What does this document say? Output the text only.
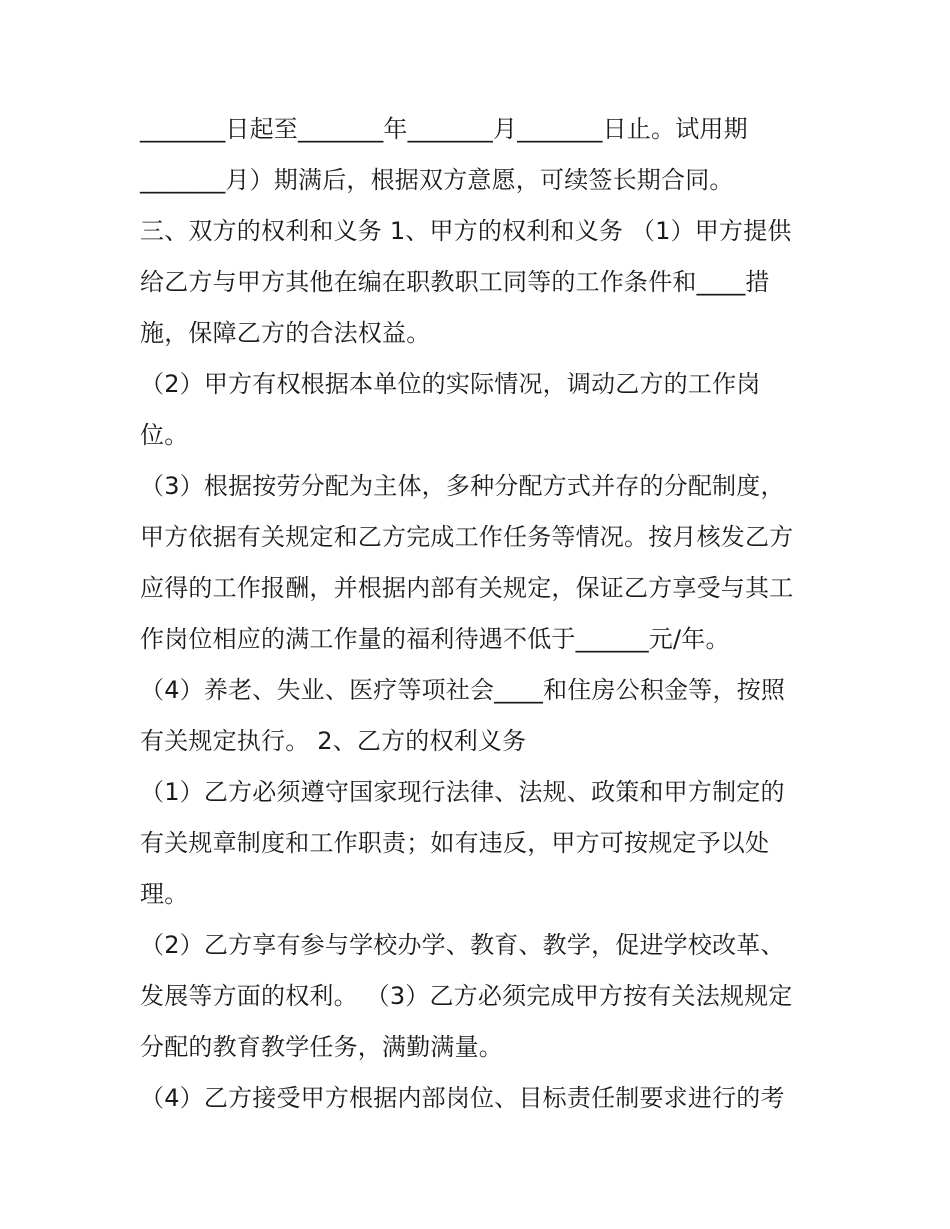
_______日起至_______年_______月_______日止。试用期
_______月）期满后，根据双方意愿，可续签长期合同。
三、双方的权利和义务 1、甲方的权利和义务 （1）甲方提供
给乙方与甲方其他在编在职教职工同等的工作条件和____措
施，保障乙方的合法权益。
（2）甲方有权根据本单位的实际情况，调动乙方的工作岗
位。
（3）根据按劳分配为主体，多种分配方式并存的分配制度，
甲方依据有关规定和乙方完成工作任务等情况。按月核发乙方
应得的工作报酬，并根据内部有关规定，保证乙方享受与其工
作岗位相应的满工作量的福利待遇不低于______元/年。
（4）养老、失业、医疗等项社会____和住房公积金等，按照
有关规定执行。 2、乙方的权利义务
（1）乙方必须遵守国家现行法律、法规、政策和甲方制定的
有关规章制度和工作职责；如有违反，甲方可按规定予以处
理。
（2）乙方享有参与学校办学、教育、教学，促进学校改革、
发展等方面的权利。 （3）乙方必须完成甲方按有关法规规定
分配的教育教学任务，满勤满量。
（4）乙方接受甲方根据内部岗位、目标责任制要求进行的考
